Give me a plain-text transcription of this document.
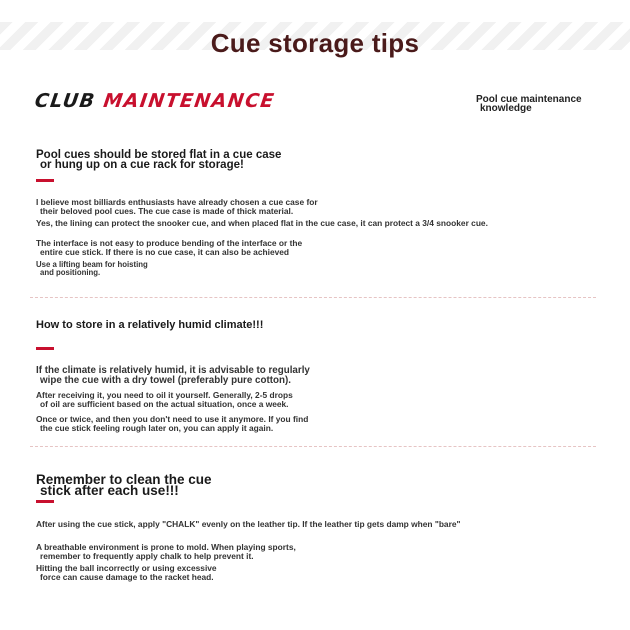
Cue storage tips
CLUB MAINTENANCE	Pool cue maintenance
knowledge
Pool cues should be stored flat in a cue case
or hung up on a cue rack for storage!

I believe most billiards enthusiasts have already chosen a cue case for
their beloved pool cues. The cue case is made of thick material.

Yes, the lining can protect the snooker cue, and when placed flat in the cue case, it can protect a 3/4 snooker cue.

The interface is not easy to produce bending of the interface or the
entire cue stick. If there is no cue case, it can also be achieved

Use a lifting beam for hoisting
and positioning.

How to store in a relatively humid climate!!!

If the climate is relatively humid, it is advisable to regularly
wipe the cue with a dry towel (preferably pure cotton).

After receiving it, you need to oil it yourself. Generally, 2-5 drops
of oil are sufficient based on the actual situation, once a week.

Once or twice, and then you don't need to use it anymore. If you find
the cue stick feeling rough later on, you can apply it again.

Remember to clean the cue
stick after each use!!!

After using the cue stick, apply "CHALK" evenly on the leather tip. If the leather tip gets damp when "bare"

A breathable environment is prone to mold. When playing sports,
remember to frequently apply chalk to help prevent it.

Hitting the ball incorrectly or using excessive
force can cause damage to the racket head.
